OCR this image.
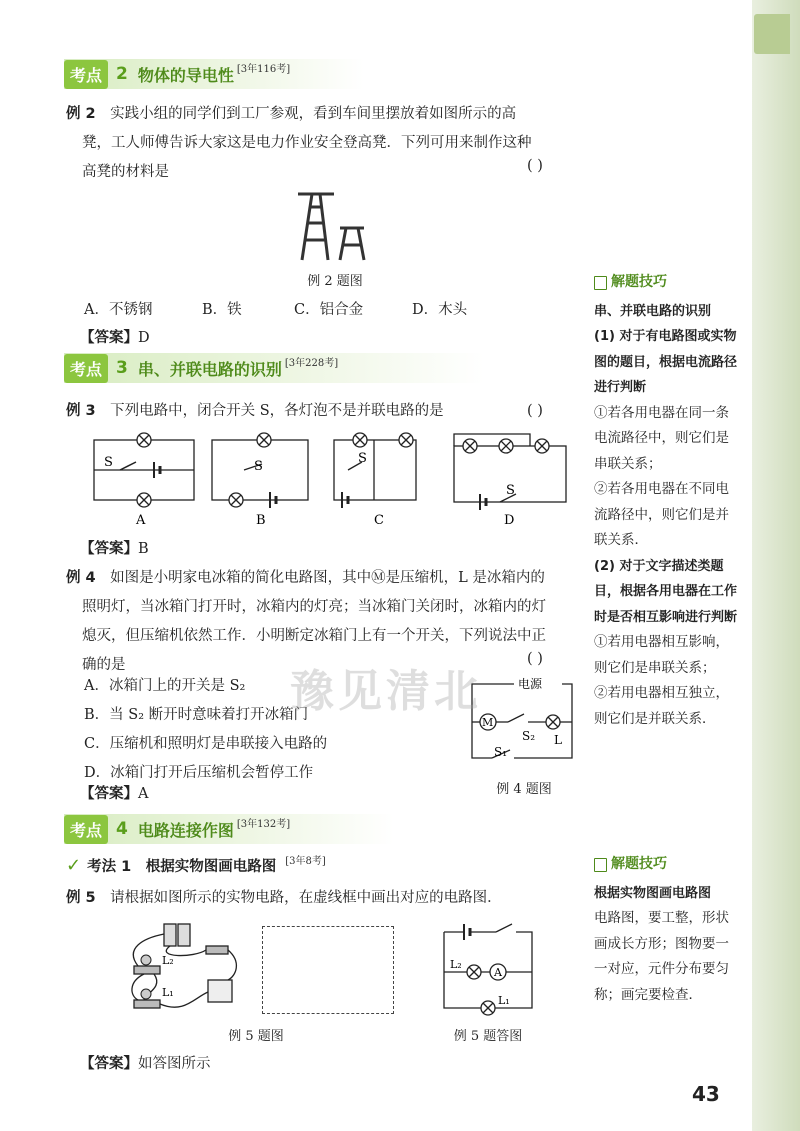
考点 2 物体的导电性 [ 3年116考 ]
例 2　 实践小组的同学们到工厂参观，看到车间里摆放着如图所示的高
凳，工人师傅告诉大家这是电力作业安全登高凳．下列可用来制作这种
高凳的材料是	( )
例 2 题图
A．不锈钢	B．铁	C．铝合金	D．木头
【答案】D
考点 3 串、并联电路的识别 [ 3年228考 ]
例 3　 下列电路中，闭合开关 S，各灯泡不是并联电路的是	( )
S	S
S
S
A	B	C	D
【答案】B
例 4　 如图是小明家电冰箱的简化电路图，其中Ⓜ是压缩机，L 是冰箱内的
照明灯，当冰箱门打开时，冰箱内的灯亮；当冰箱门关闭时，冰箱内的灯
熄灭，但压缩机依然工作．小明断定冰箱门上有一个开关，下列说法中正
确的是	( )
A．冰箱门上的开关是 S₂
B．当 S₂ 断开时意味着打开冰箱门
C．压缩机和照明灯是串联接入电路的
D．冰箱门打开后压缩机会暂停工作
【答案】A
M
电源
S₂ L
S₁
例 4 题图
考点 4 电路连接作图 [ 3年132考 ]
✓ 考法 1　根据实物图画电路图	[ 3年8考 ]
例 5　 请根据如图所示的实物电路，在虚线框中画出对应的电路图．
L₂
L₁
例 5 题图
A
L₂
L₁
例 5 题答图
【答案】如答图所示
解题技巧
串、并联电路的识别
(1) 对于有电路图或实物图的题目，根据电流路径进行判断
①若各用电器在同一条电流路径中，则它们是串联关系；
②若各用电器在不同电流路径中，则它们是并联关系．
(2) 对于文字描述类题目，根据各用电器在工作时是否相互影响进行判断
①若用电器相互影响，则它们是串联关系；
②若用电器相互独立，则它们是并联关系．
解题技巧
根据实物图画电路图
电路图，要工整，形状画成长方形；图物要一一对应，元件分布要匀称；画完要检查．
豫见清北
43
